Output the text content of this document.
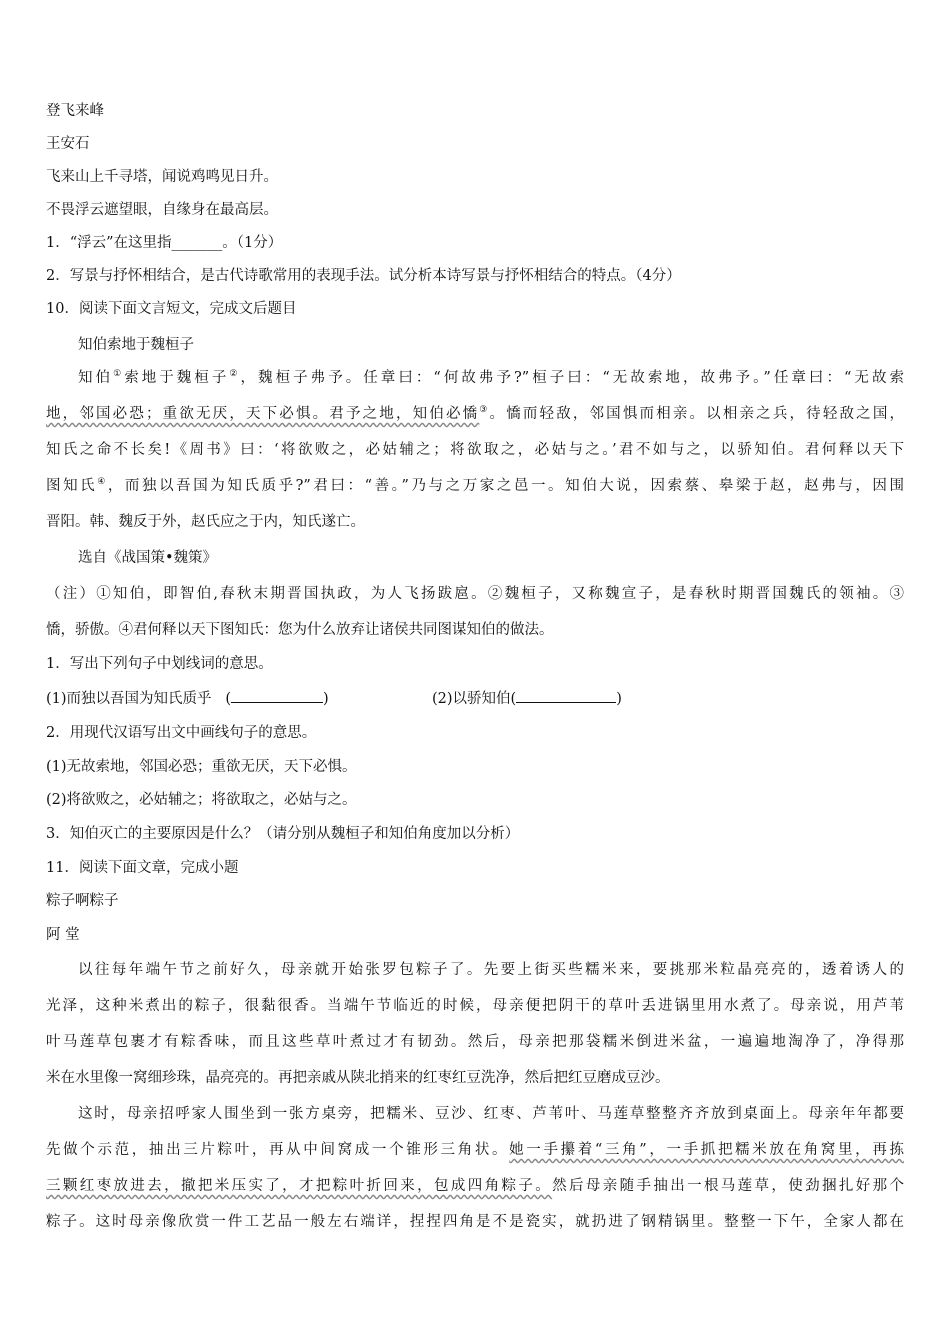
登飞来峰
王安石
飞来山上千寻塔，闻说鸡鸣见日升。
不畏浮云遮望眼，自缘身在最高层。
1．“浮云”在这里指_______。（1分）
2．写景与抒怀相结合，是古代诗歌常用的表现手法。试分析本诗写景与抒怀相结合的特点。（4分）
10．阅读下面文言短文，完成文后题目
知伯索地于魏桓子
知伯①索地于魏桓子②，魏桓子弗予。任章曰：“何故弗予?”桓子曰：“无故索地，故弗予。”任章曰：“无故索
地，邻国必恐；重欲无厌，天下必惧。君予之地，知伯必憍③。憍而轻敌，邻国惧而相亲。以相亲之兵，待轻敌之国，
知氏之命不长矣!《周书》曰：‘将欲败之，必姑辅之；将欲取之，必姑与之。’君不如与之，以骄知伯。君何释以天下
图知氏④，而独以吾国为知氏质乎?”君曰：“善。”乃与之万家之邑一。知伯大说，因索蔡、皋梁于赵，赵弗与，因围
晋阳。韩、魏反于外，赵氏应之于内，知氏遂亡。
选自《战国策•魏策》
（注）①知伯，即智伯,春秋末期晋国执政，为人飞扬跋扈。②魏桓子，又称魏宣子，是春秋时期晋国魏氏的领袖。③
憍，骄傲。④君何释以天下图知氏：您为什么放弃让诸侯共同图谋知伯的做法。
1．写出下列句子中划线词的意思。
(1)而独以吾国为知氏质乎   (	)	(2)以骄知伯(	)
2．用现代汉语写出文中画线句子的意思。
(1)无故索地，邻国必恐；重欲无厌，天下必惧。
(2)将欲败之，必姑辅之；将欲取之，必姑与之。
3．知伯灭亡的主要原因是什么？（请分别从魏桓子和知伯角度加以分析）
11．阅读下面文章，完成小题
粽子啊粽子
阿 堂
以往每年端午节之前好久，母亲就开始张罗包粽子了。先要上街买些糯米来，要挑那米粒晶亮亮的，透着诱人的
光泽，这种米煮出的粽子，很黏很香。当端午节临近的时候，母亲便把阴干的草叶丢进锅里用水煮了。母亲说，用芦苇
叶马莲草包裹才有粽香味，而且这些草叶煮过才有韧劲。然后，母亲把那袋糯米倒进米盆，一遍遍地淘净了，净得那
米在水里像一窝细珍珠，晶亮亮的。再把亲戚从陕北捎来的红枣红豆洗净，然后把红豆磨成豆沙。
这时，母亲招呼家人围坐到一张方桌旁，把糯米、豆沙、红枣、芦苇叶、马莲草整整齐齐放到桌面上。母亲年年都要
先做个示范，抽出三片粽叶，再从中间窝成一个锥形三角状。她一手攥着“三角”，一手抓把糯米放在角窝里，再拣
三颗红枣放进去，撤把米压实了，才把粽叶折回来，包成四角粽子。然后母亲随手抽出一根马莲草，使劲捆扎好那个
粽子。这时母亲像欣赏一件工艺品一般左右端详，捏捏四角是不是瓷实，就扔进了钢精锅里。整整一下午，全家人都在
